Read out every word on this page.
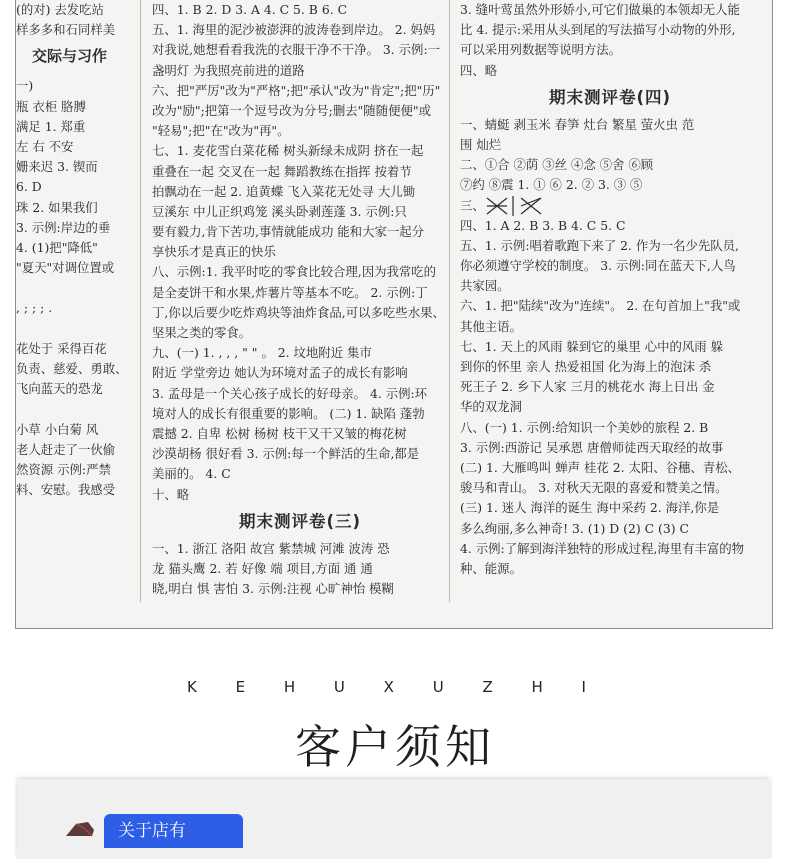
(的对) 去发吃站
样多多和石同样美
交际与习作
一)
瓶 衣柜 胳膊
满足 1. 郑重
左 右 不安
姗来迟 3. 锲而
6. D
珠 2. 如果我们
3. 示例:岸边的垂
4. (1)把"降低"
"夏天"对调位置或
, ; ; ; .
花处于 采得百花
负责、慈爱、勇敢、
飞向蓝天的恐龙
小草 小白菊 风
老人赶走了一伙偷
然资源 示例:严禁
料、安慰。我感受
四、1. B 2. D 3. A 4. C 5. B 6. C
五、1. 海里的泥沙被澎湃的波涛卷到岸边。 2. 妈妈
对我说,她想看看我洗的衣服干净不干净。 3. 示例:一
盏明灯 为我照亮前进的道路
六、把"严厉"改为"严格";把"承认"改为"肯定";把"历"
改为"励";把第一个逗号改为分号;删去"随随便便"或
"轻易";把"在"改为"再"。
七、1. 麦花雪白菜花稀 树头新绿未成阴 挤在一起
重叠在一起 交叉在一起 舞蹈教练在指挥 按着节
拍飘动在一起 2. 追黄蝶 飞入菜花无处寻 大儿锄
豆溪东 中儿正织鸡笼 溪头卧剥莲蓬 3. 示例:只
要有毅力,肯下苦功,事情就能成功 能和大家一起分
享快乐才是真正的快乐
八、示例:1. 我平时吃的零食比较合理,因为我常吃的
是全麦饼干和水果,炸薯片等基本不吃。 2. 示例:丁
丁,你以后要少吃炸鸡块等油炸食品,可以多吃些水果、
坚果之类的零食。
九、(一) 1. , , , " " 。 2. 坟地附近 集市
附近 学堂旁边 她认为环境对孟子的成长有影响
3. 孟母是一个关心孩子成长的好母亲。 4. 示例:环
境对人的成长有很重要的影响。 (二) 1. 缺陷 蓬勃
震撼 2. 自卑 松树 杨树 枝干又干又皱的梅花树
沙漠胡杨 很好看 3. 示例:每一个鲜活的生命,都是
美丽的。 4. C
十、略
期末测评卷(三)
一、1. 浙江 洛阳 故宫 紫禁城 河滩 波涛 恐
龙 猫头鹰 2. 若 好像 端 项目,方面 通 通
晓,明白 惧 害怕 3. 示例:注视 心旷神怡 模糊
3. 缝叶莺虽然外形娇小,可它们做巢的本领却无人能
比 4. 提示:采用从头到尾的写法描写小动物的外形,
可以采用列数据等说明方法。
四、略
期末测评卷(四)
一、蜻蜓 剥玉米 春笋 灶台 繁星 萤火虫 范
围 灿烂
二、①合 ②荫 ③丝 ④念 ⑤舍 ⑥顾
⑦约 ⑧震 1. ① ⑥ 2. ② 3. ③ ⑤
三、
四、1. A 2. B 3. B 4. C 5. C
五、1. 示例:唱着歌跑下来了 2. 作为一名少先队员,
你必须遵守学校的制度。 3. 示例:同在蓝天下,人鸟
共家园。
六、1. 把"陆续"改为"连续"。 2. 在句首加上"我"或
其他主语。
七、1. 天上的风雨 躲到它的巢里 心中的风雨 躲
到你的怀里 亲人 热爱祖国 化为海上的泡沫 杀
死王子 2. 乡下人家 三月的桃花水 海上日出 金
华的双龙洞
八、(一) 1. 示例:给知识一个美妙的旅程 2. B
3. 示例:西游记 吴承恩 唐僧师徒西天取经的故事
(二) 1. 大雁鸣叫 蝉声 桂花 2. 太阳、谷穗、青松、
骏马和青山。 3. 对秋天无限的喜爱和赞美之情。
(三) 1. 迷人 海洋的诞生 海中采药 2. 海洋,你是
多么绚丽,多么神奇! 3. (1) D (2) C (3) C
4. 示例:了解到海洋独特的形成过程,海里有丰富的物
种、能源。
K E H U X U Z H I
客户须知
关于店有
